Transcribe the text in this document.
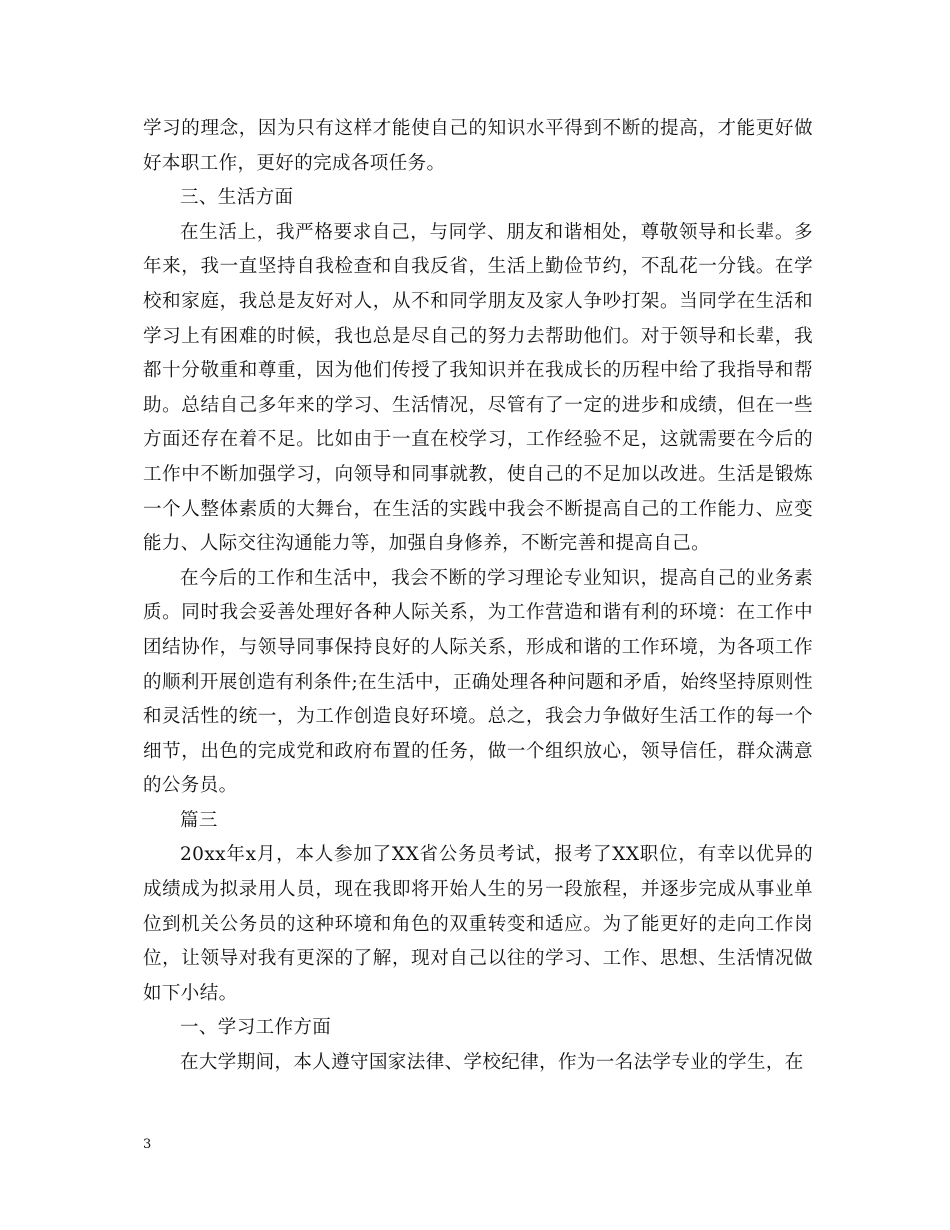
学习的理念，因为只有这样才能使自己的知识水平得到不断的提高，才能更好做好本职工作，更好的完成各项任务。

三、生活方面

在生活上，我严格要求自己，与同学、朋友和谐相处，尊敬领导和长辈。多年来，我一直坚持自我检查和自我反省，生活上勤俭节约，不乱花一分钱。在学校和家庭，我总是友好对人，从不和同学朋友及家人争吵打架。当同学在生活和学习上有困难的时候，我也总是尽自己的努力去帮助他们。对于领导和长辈，我都十分敬重和尊重，因为他们传授了我知识并在我成长的历程中给了我指导和帮助。总结自己多年来的学习、生活情况，尽管有了一定的进步和成绩，但在一些方面还存在着不足。比如由于一直在校学习，工作经验不足，这就需要在今后的工作中不断加强学习，向领导和同事就教，使自己的不足加以改进。生活是锻炼一个人整体素质的大舞台，在生活的实践中我会不断提高自己的工作能力、应变能力、人际交往沟通能力等，加强自身修养，不断完善和提高自己。

在今后的工作和生活中，我会不断的学习理论专业知识，提高自己的业务素质。同时我会妥善处理好各种人际关系，为工作营造和谐有利的环境：在工作中团结协作，与领导同事保持良好的人际关系，形成和谐的工作环境，为各项工作的顺利开展创造有利条件;在生活中，正确处理各种问题和矛盾，始终坚持原则性和灵活性的统一，为工作创造良好环境。总之，我会力争做好生活工作的每一个细节，出色的完成党和政府布置的任务，做一个组织放心，领导信任，群众满意的公务员。

篇三

20xx年x月，本人参加了XX省公务员考试，报考了XX职位，有幸以优异的成绩成为拟录用人员，现在我即将开始人生的另一段旅程，并逐步完成从事业单位到机关公务员的这种环境和角色的双重转变和适应。为了能更好的走向工作岗位，让领导对我有更深的了解，现对自己以往的学习、工作、思想、生活情况做如下小结。

一、学习工作方面

在大学期间，本人遵守国家法律、学校纪律，作为一名法学专业的学生，在

3
